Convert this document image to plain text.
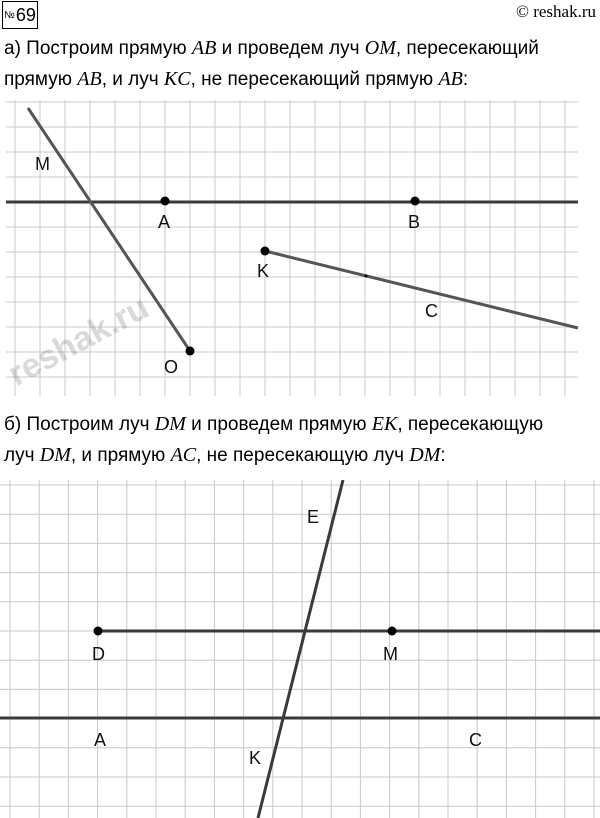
№69	© reshak.ru

а) Построим прямую AB и проведем луч OM, пересекающий
прямую AB, и луч KC, не пересекающий прямую AB:

M
A	B
K
C
O

б) Построим луч DM и проведем прямую EK, пересекающую
луч DM, и прямую AC, не пересекающую луч DM:

E
D	M
A	C
K
reshak.ru
